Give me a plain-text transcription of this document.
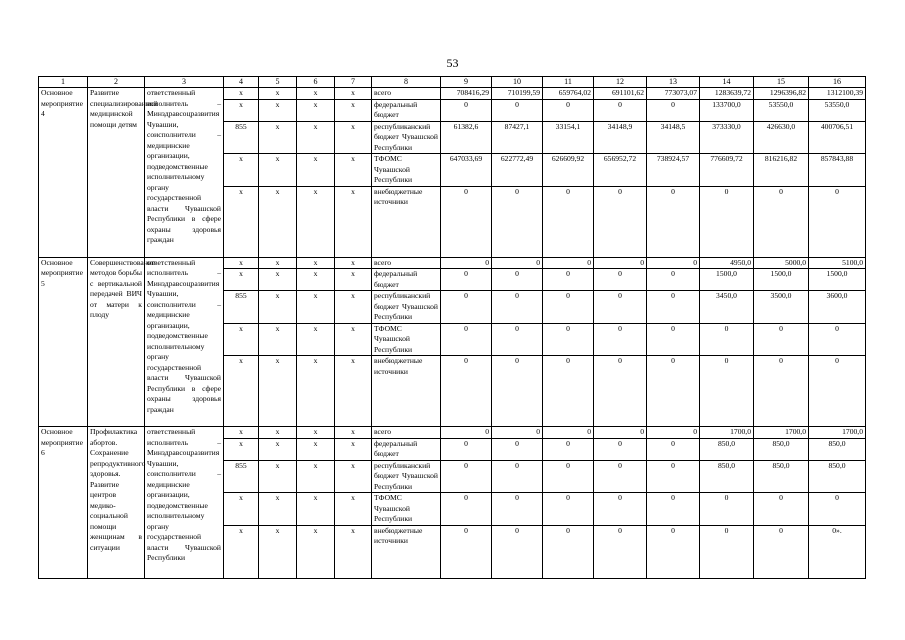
53
1	2	3	4	5	6	7	8	9	10	11	12	13	14	15	16
Основное мероприятие 4	Развитие специализированной медицинской помощи детям	ответственный исполнитель – Минздравсоцразвития Чувашии, соисполнители – медицинские организации, подведомственные исполнительному органу государственной власти Чувашской Республики в сфере охраны здоровья граждан	x	x	x	x	всего	708416,29	710199,59	659764,02	691101,62	773073,07	1283639,72	1296396,82	1312100,39
			x	x	x	x	федеральный бюджет	0	0	0	0	0	133700,0	53550,0	53550,0
			855	x	x	x	республиканский бюджет Чувашской Республики	61382,6	87427,1	33154,1	34148,9	34148,5	373330,0	426630,0	400706,51
			x	x	x	x	ТФОМС Чувашской Республики	647033,69	622772,49	626609,92	656952,72	738924,57	776609,72	816216,82	857843,88
			x	x	x	x	внебюджетные источники	0	0	0	0	0	0	0	0
Основное мероприятие 5	Совершенствование методов борьбы с вертикальной передачей ВИЧ от матери к плоду	ответственный исполнитель – Минздравсоцразвития Чувашии, соисполнители – медицинские организации, подведомственные исполнительному органу государственной власти Чувашской Республики в сфере охраны здоровья граждан	x	x	x	x	всего	0	0	0	0	0	4950,0	5000,0	5100,0
			x	x	x	x	федеральный бюджет	0	0	0	0	0	1500,0	1500,0	1500,0
			855	x	x	x	республиканский бюджет Чувашской Республики	0	0	0	0	0	3450,0	3500,0	3600,0
			x	x	x	x	ТФОМС Чувашской Республики	0	0	0	0	0	0	0	0
			x	x	x	x	внебюджетные источники	0	0	0	0	0	0	0	0
Основное мероприятие 6	Профилактика абортов. Сохранение репродуктивного здоровья. Развитие центров медико-социальной помощи женщинам в ситуации	ответственный исполнитель – Минздравсоцразвития Чувашии, соисполнители – медицинские организации, подведомственные исполнительному органу государственной власти Чувашской Республики	x	x	x	x	всего	0	0	0	0	0	1700,0	1700,0	1700,0
			x	x	x	x	федеральный бюджет	0	0	0	0	0	850,0	850,0	850,0
			855	x	x	x	республиканский бюджет Чувашской Республики	0	0	0	0	0	850,0	850,0	850,0
			x	x	x	x	ТФОМС Чувашской Республики	0	0	0	0	0	0	0	0
			x	x	x	x	внебюджетные источники	0	0	0	0	0	0	0	0».
